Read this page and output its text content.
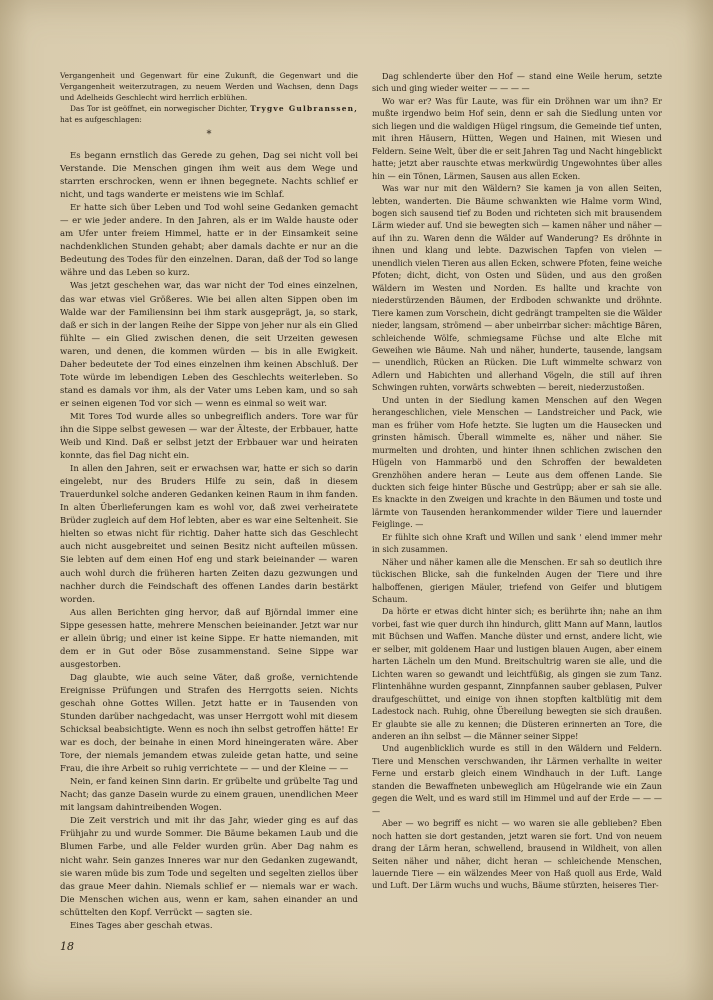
Vergangenheit und Gegenwart für eine Zukunft, die Gegenwart und die Vergangenheit weiterzutragen, zu neuem Werden und Wachsen, denn Dags und Adelheids Geschlecht wird herrlich erblühen.

Das Tor ist geöffnet, ein norwegischer Dichter, Trygve Gulbranssen, hat es aufgeschlagen:

*

Es begann ernstlich das Gerede zu gehen, Dag sei nicht voll bei Verstande. Die Menschen gingen ihm weit aus dem Wege und starrten erschrocken, wenn er ihnen begegnete. Nachts schlief er nicht, und tags wanderte er meistens wie im Schlaf.

Er hatte sich über Leben und Tod wohl seine Gedanken gemacht — er wie jeder andere. In den Jahren, als er im Walde hauste oder am Ufer unter freiem Himmel, hatte er in der Einsamkeit seine nachdenklichen Stunden gehabt; aber damals dachte er nur an die Bedeutung des Todes für den einzelnen. Daran, daß der Tod so lange währe und das Leben so kurz.

Was jetzt geschehen war, das war nicht der Tod eines einzelnen, das war etwas viel Größeres. Wie bei allen alten Sippen oben im Walde war der Familiensinn bei ihm stark ausgeprägt, ja, so stark, daß er sich in der langen Reihe der Sippe von jeher nur als ein Glied fühlte — ein Glied zwischen denen, die seit Urzeiten gewesen waren, und denen, die kommen würden — bis in alle Ewigkeit. Daher bedeutete der Tod eines einzelnen ihm keinen Abschluß. Der Tote würde im lebendigen Leben des Geschlechts weiterleben. So stand es damals vor ihm, als der Vater ums Leben kam, und so sah er seinen eigenen Tod vor sich — wenn es einmal so weit war.

Mit Tores Tod wurde alles so unbegreiflich anders. Tore war für ihn die Sippe selbst gewesen — war der Älteste, der Erbbauer, hatte Weib und Kind. Daß er selbst jetzt der Erbbauer war und heiraten konnte, das fiel Dag nicht ein.

In allen den Jahren, seit er erwachsen war, hatte er sich so darin eingelebt, nur des Bruders Hilfe zu sein, daß in diesem Trauerdunkel solche anderen Gedanken keinen Raum in ihm fanden. In alten Überlieferungen kam es wohl vor, daß zwei verheiratete Brüder zugleich auf dem Hof lebten, aber es war eine Seltenheit. Sie hielten so etwas nicht für richtig. Daher hatte sich das Geschlecht auch nicht ausgebreitet und seinen Besitz nicht aufteilen müssen. Sie lebten auf dem einen Hof eng und stark beieinander — waren auch wohl durch die früheren harten Zeiten dazu gezwungen und nachher durch die Feindschaft des offenen Landes darin bestärkt worden.

Aus allen Berichten ging hervor, daß auf Björndal immer eine Sippe gesessen hatte, mehrere Menschen beieinander. Jetzt war nur er allein übrig; und einer ist keine Sippe. Er hatte niemanden, mit dem er in Gut oder Böse zusammenstand. Seine Sippe war ausgestorben.

Dag glaubte, wie auch seine Väter, daß große, vernichtende Ereignisse Prüfungen und Strafen des Herrgotts seien. Nichts geschah ohne Gottes Willen. Jetzt hatte er in Tausenden von Stunden darüber nachgedacht, was unser Herrgott wohl mit diesem Schicksal beabsichtigte. Wenn es noch ihn selbst getroffen hätte! Er war es doch, der beinahe in einen Mord hineingeraten wäre. Aber Tore, der niemals jemandem etwas zuleide getan hatte, und seine Frau, die ihre Arbeit so ruhig verrichtete — — und der Kleine — —

Nein, er fand keinen Sinn darin. Er grübelte und grübelte Tag und Nacht; das ganze Dasein wurde zu einem grauen, unendlichen Meer mit langsam dahintreibenden Wogen.

Die Zeit verstrich und mit ihr das Jahr, wieder ging es auf das Frühjahr zu und wurde Sommer. Die Bäume bekamen Laub und die Blumen Farbe, und alle Felder wurden grün. Aber Dag nahm es nicht wahr. Sein ganzes Inneres war nur den Gedanken zugewandt, sie waren müde bis zum Tode und segelten und segelten ziellos über das graue Meer dahin. Niemals schlief er — niemals war er wach. Die Menschen wichen aus, wenn er kam, sahen einander an und schüttelten den Kopf. Verrückt — sagten sie.

Eines Tages aber geschah etwas.

Dag schlenderte über den Hof — stand eine Weile herum, setzte sich und ging wieder weiter — — — —

Wo war er? Was für Laute, was für ein Dröhnen war um ihn? Er mußte irgendwo beim Hof sein, denn er sah die Siedlung unten vor sich liegen und die waldigen Hügel ringsum, die Gemeinde tief unten, mit ihren Häusern, Hütten, Wegen und Hainen, mit Wiesen und Feldern. Seine Welt, über die er seit Jahren Tag und Nacht hingeblickt hatte; jetzt aber rauschte etwas merkwürdig Ungewohntes über alles hin — ein Tönen, Lärmen, Sausen aus allen Ecken.

Was war nur mit den Wäldern? Sie kamen ja von allen Seiten, lebten, wanderten. Die Bäume schwankten wie Halme vorm Wind, bogen sich sausend tief zu Boden und richteten sich mit brausendem Lärm wieder auf. Und sie bewegten sich — kamen näher und näher — auf ihn zu. Waren denn die Wälder auf Wanderung? Es dröhnte in ihnen und klang und lebte. Dazwischen Tapfen von vielen — unendlich vielen Tieren aus allen Ecken, schwere Pfoten, feine weiche Pfoten; dicht, dicht, von Osten und Süden, und aus den großen Wäldern im Westen und Norden. Es hallte und krachte von niederstürzenden Bäumen, der Erdboden schwankte und dröhnte. Tiere kamen zum Vorschein, dicht gedrängt trampelten sie die Wälder nieder, langsam, strömend — aber unbeirrbar sicher: mächtige Bären, schleichende Wölfe, schmiegsame Füchse und alte Elche mit Geweihen wie Bäume. Nah und näher, hunderte, tausende, langsam — unendlich, Rücken an Rücken. Die Luft wimmelte schwarz von Adlern und Habichten und allerhand Vögeln, die still auf ihren Schwingen ruhten, vorwärts schwebten — bereit, niederzustoßen.

Und unten in der Siedlung kamen Menschen auf den Wegen herangeschlichen, viele Menschen — Landstreicher und Pack, wie man es früher vom Hofe hetzte. Sie lugten um die Hausecken und grinsten hämisch. Überall wimmelte es, näher und näher. Sie murmelten und drohten, und hinter ihnen schlichen zwischen den Hügeln von Hammarbö und den Schroffen der bewaldeten Grenzhöhen andere heran — Leute aus dem offenen Lande. Sie duckten sich feige hinter Büsche und Gestrüpp; aber er sah sie alle. Es knackte in den Zweigen und krachte in den Bäumen und toste und lärmte von Tausenden herankommender wilder Tiere und lauernder Feiglinge. —

Er fühlte sich ohne Kraft und Willen und sank ' elend immer mehr in sich zusammen.

Näher und näher kamen alle die Menschen. Er sah so deutlich ihre tückischen Blicke, sah die funkelnden Augen der Tiere und ihre halboffenen, gierigen Mäuler, triefend von Geifer und blutigem Schaum.

Da hörte er etwas dicht hinter sich; es berührte ihn; nahe an ihm vorbei, fast wie quer durch ihn hindurch, glitt Mann auf Mann, lautlos mit Büchsen und Waffen. Manche düster und ernst, andere licht, wie er selber, mit goldenem Haar und lustigen blauen Augen, aber einem harten Lächeln um den Mund. Breitschultrig waren sie alle, und die Lichten waren so gewandt und leichtfüßig, als gingen sie zum Tanz. Flintenhähne wurden gespannt, Zinnpfannen sauber geblasen, Pulver draufgeschüttet, und einige von ihnen stopften kaltblütig mit dem Ladestock nach. Ruhig, ohne Übereilung bewegten sie sich draußen. Er glaubte sie alle zu kennen; die Düsteren erinnerten an Tore, die anderen an ihn selbst — die Männer seiner Sippe!

Und augenblicklich wurde es still in den Wäldern und Feldern. Tiere und Menschen verschwanden, ihr Lärmen verhallte in weiter Ferne und erstarb gleich einem Windhauch in der Luft. Lange standen die Bewaffneten unbeweglich am Hügelrande wie ein Zaun gegen die Welt, und es ward still im Himmel und auf der Erde — — — —

Aber — wo begriff es nicht — wo waren sie alle geblieben? Eben noch hatten sie dort gestanden, jetzt waren sie fort. Und von neuem drang der Lärm heran, schwellend, brausend in Wildheit, von allen Seiten näher und näher, dicht heran — schleichende Menschen, lauernde Tiere — ein wälzendes Meer von Haß quoll aus Erde, Wald und Luft. Der Lärm wuchs und wuchs, Bäume stürzten, heiseres Tier-

18
